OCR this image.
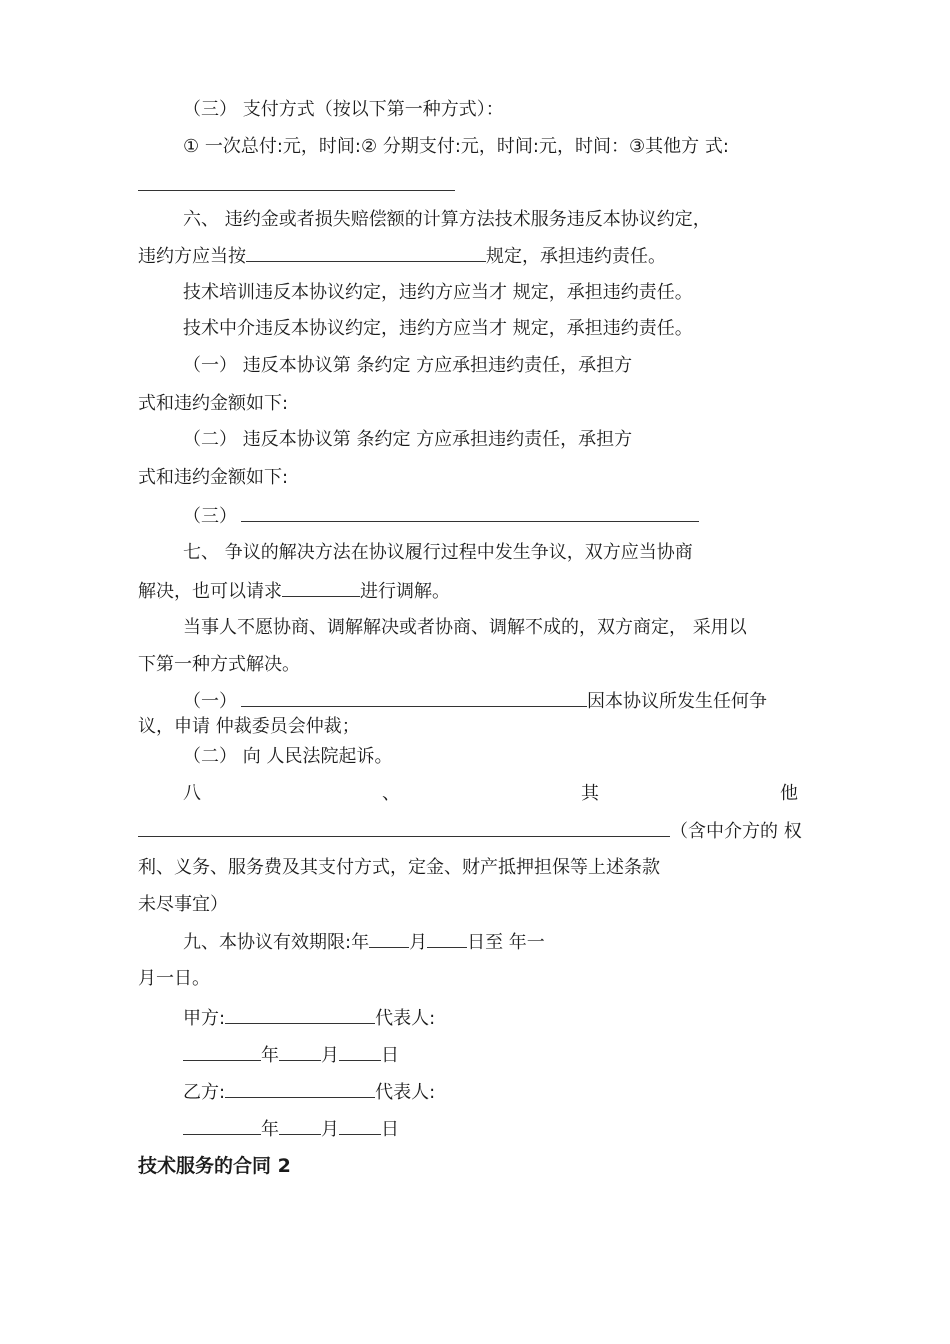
（三） 支付方式（按以下第一种方式）：
① 一次总付:元，时间:② 分期支付:元，时间:元，时间：③其他方 式:
六、 违约金或者损失赔偿额的计算方法技术服务违反本协议约定，
违约方应当按	规定，承担违约责任。
技术培训违反本协议约定，违约方应当才 规定，承担违约责任。
技术中介违反本协议约定，违约方应当才 规定，承担违约责任。
（一） 违反本协议第 条约定 方应承担违约责任，承担方
式和违约金额如下:
（二） 违反本协议第 条约定 方应承担违约责任，承担方
式和违约金额如下:
（三）
七、 争议的解决方法在协议履行过程中发生争议，双方应当协商
解决，也可以请求	进行调解。
当事人不愿协商、调解解决或者协商、调解不成的，双方商定， 采用以
下第一种方式解决。
（一）	因本协议所发生任何争
议，申请 仲裁委员会仲裁；
（二） 向 人民法院起诉。
八	、	其	他
（含中介方的 权
利、义务、服务费及其支付方式，定金、财产抵押担保等上述条款
未尽事宜）
九、本协议有效期限:年 月 日至 年一
月一日。
甲方:	代表人:
年 月 日
乙方:	代表人:
年 月 日
技术服务的合同 2
